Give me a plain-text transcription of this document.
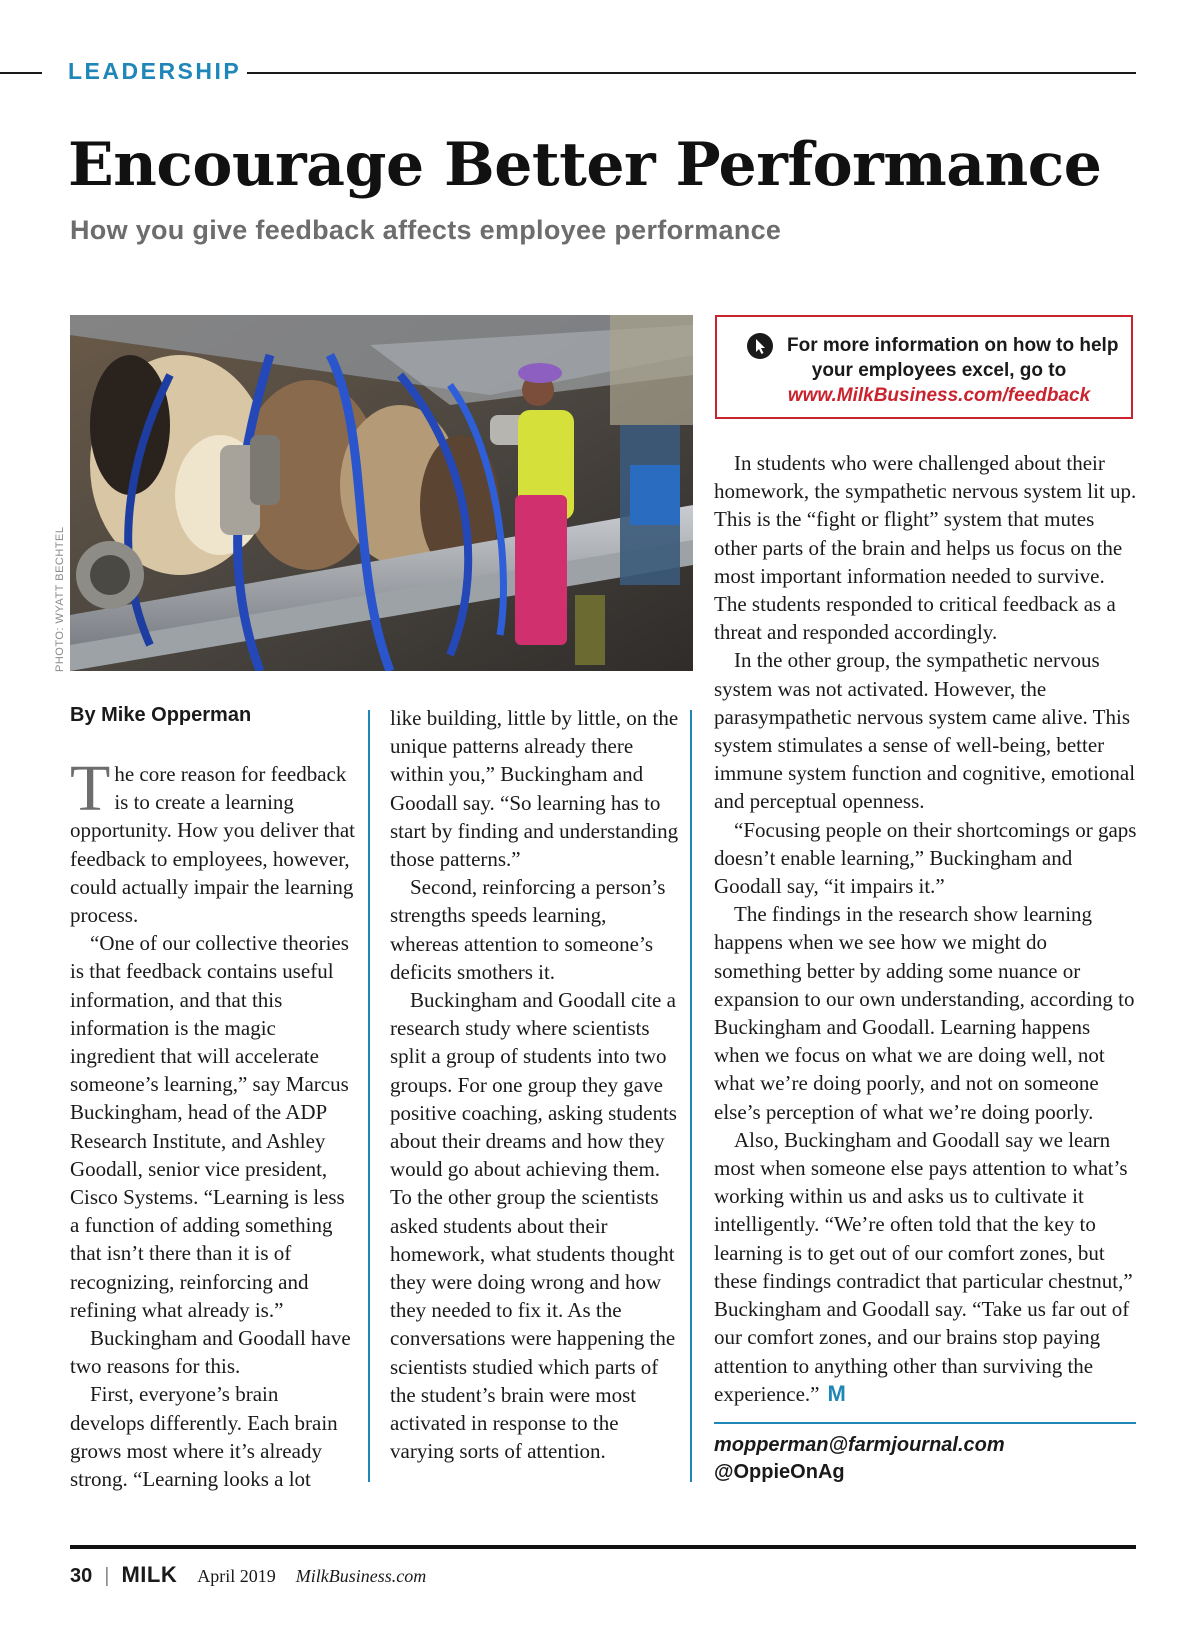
LEADERSHIP
Encourage Better Performance
How you give feedback affects employee performance
PHOTO: WYATT BECHTEL
For more information on how to help
your employees excel, go to
www.MilkBusiness.com/feedback
By Mike Opperman

The core reason for feedback is to create a learning opportunity. How you deliver that feedback to employees, however, could actually impair the learning process.

“One of our collective theories is that feedback contains useful information, and that this information is the magic ingredient that will accelerate someone’s learning,” say Marcus Buckingham, head of the ADP Research Institute, and Ashley Goodall, senior vice president, Cisco Systems. “Learning is less a function of adding something that isn’t there than it is of recognizing, reinforcing and refining what already is.”

Buckingham and Goodall have two reasons for this.

First, everyone’s brain develops differently. Each brain grows most where it’s already strong. “Learning looks a lot

like building, little by little, on the unique patterns already there within you,” Buckingham and Goodall say. “So learning has to start by finding and understanding those patterns.”

Second, reinforcing a person’s strengths speeds learning, whereas attention to someone’s deficits smothers it.

Buckingham and Goodall cite a research study where scientists split a group of students into two groups. For one group they gave positive coaching, asking students about their dreams and how they would go about achieving them. To the other group the scientists asked students about their homework, what students thought they were doing wrong and how they needed to fix it. As the conversations were happening the scientists studied which parts of the student’s brain were most activated in response to the varying sorts of attention.

In students who were challenged about their homework, the sympathetic nervous system lit up. This is the “fight or flight” system that mutes other parts of the brain and helps us focus on the most important information needed to survive. The students responded to critical feedback as a threat and responded accordingly.

In the other group, the sympathetic nervous system was not activated. However, the parasympathetic nervous system came alive. This system stimulates a sense of well-being, better immune system function and cognitive, emotional and perceptual openness.

“Focusing people on their shortcomings or gaps doesn’t enable learning,” Buckingham and Goodall say, “it impairs it.”

The findings in the research show learning happens when we see how we might do something better by adding some nuance or expansion to our own understanding, according to Buckingham and Goodall. Learning happens when we focus on what we are doing well, not what we’re doing poorly, and not on someone else’s perception of what we’re doing poorly.

Also, Buckingham and Goodall say we learn most when someone else pays attention to what’s working within us and asks us to cultivate it intelligently. “We’re often told that the key to learning is to get out of our comfort zones, but these findings contradict that particular chestnut,” Buckingham and Goodall say. “Take us far out of our comfort zones, and our brains stop paying attention to anything other than surviving the experience.” M

mopperman@farmjournal.com
@OppieOnAg
30 | MILK April 2019 MilkBusiness.com
